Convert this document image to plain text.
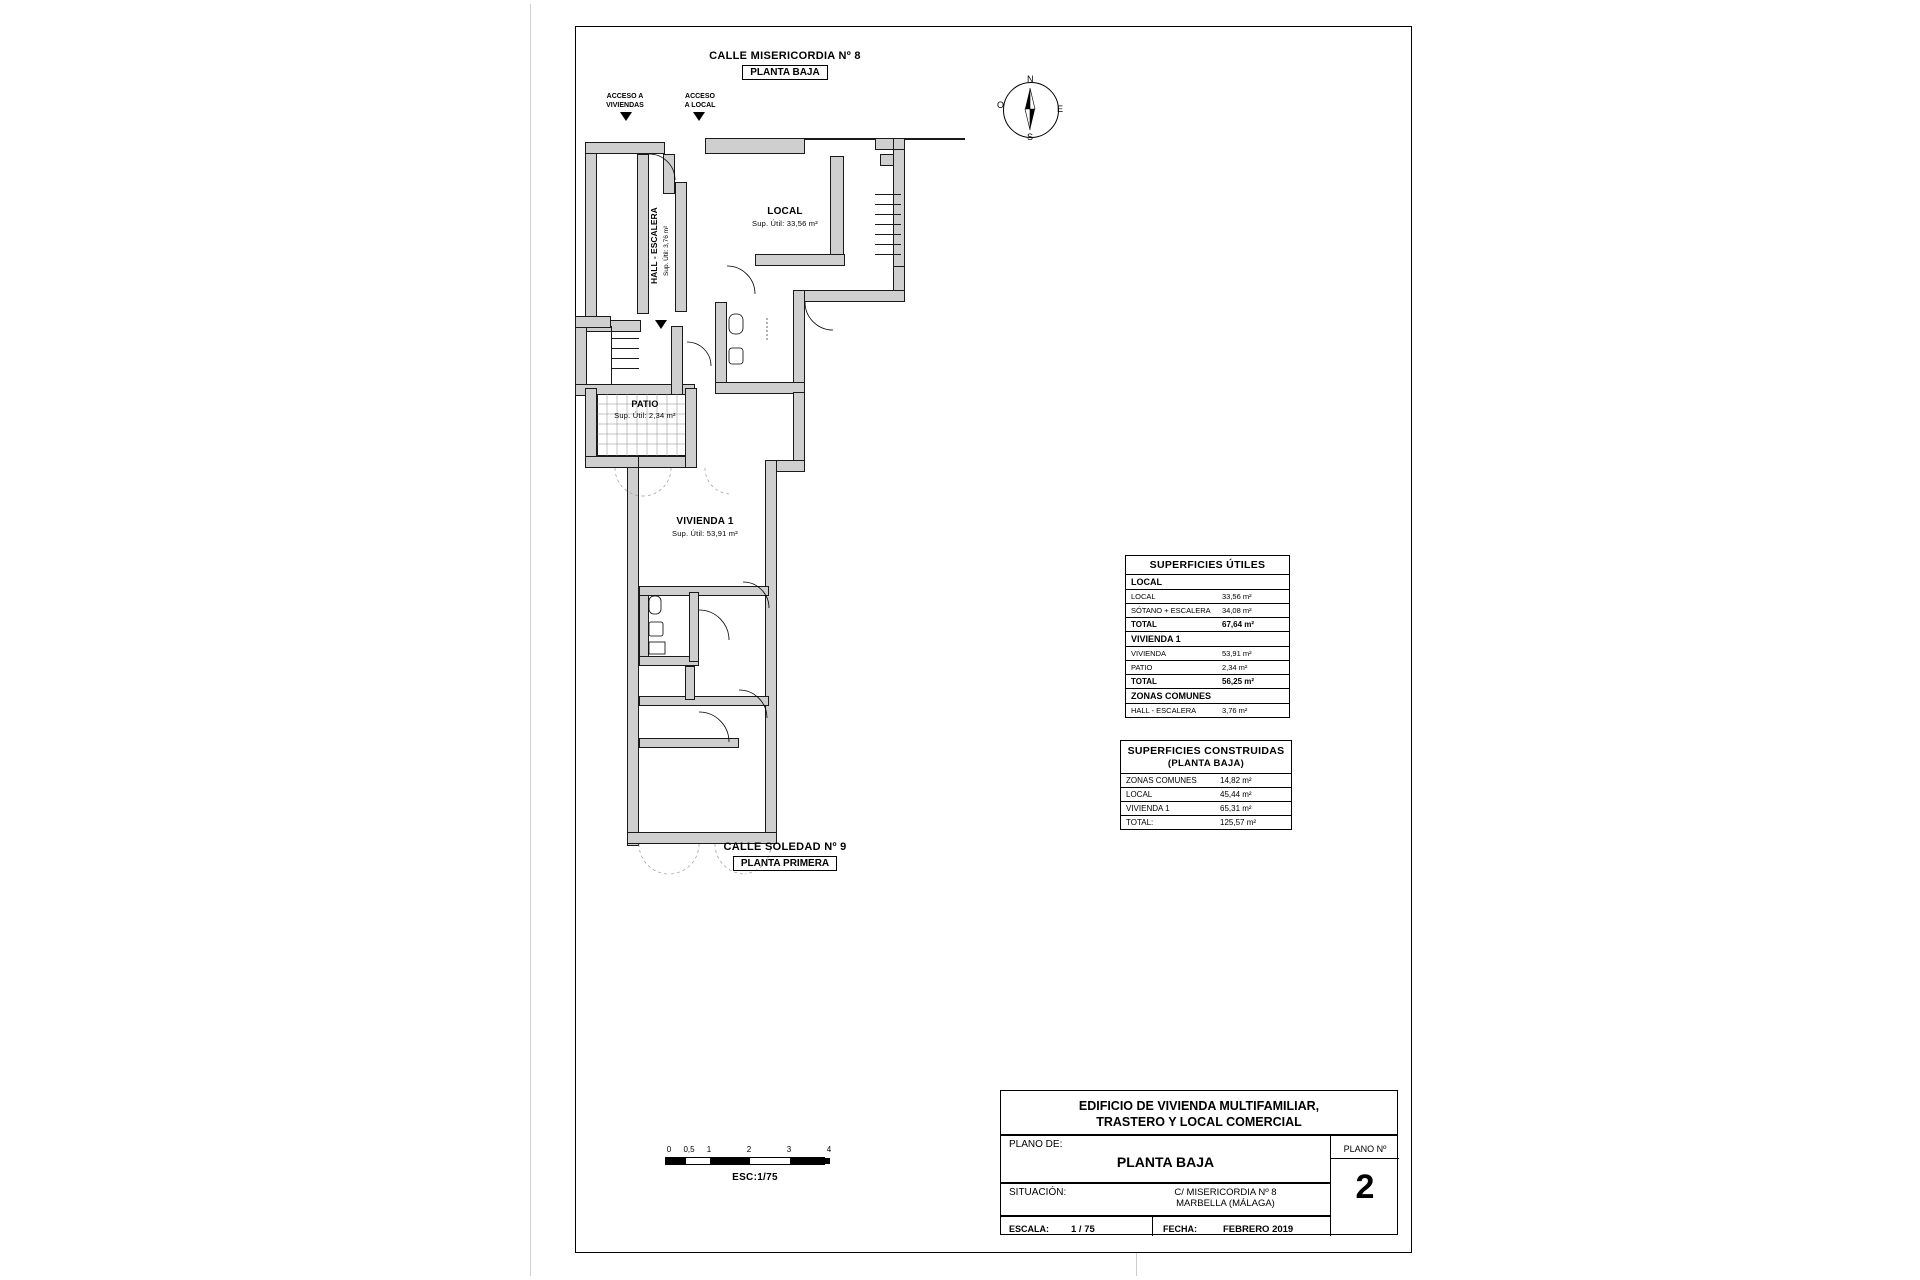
CALLE MISERICORDIA Nº 8
PLANTA BAJA
ACCESO A
VIVIENDAS
ACCESO
A LOCAL
N
S
E
O
HALL - ESCALERA Sup. Útil: 3,76 m²
LOCAL
Sup. Útil: 33,56 m²
PATIO
Sup. Útil: 2,34 m²
VIVIENDA 1
Sup. Útil: 53,91 m²
CALLE SOLEDAD Nº 9
PLANTA PRIMERA
SUPERFICIES ÚTILES
LOCAL
LOCAL	33,56 m²
SÓTANO + ESCALERA	34,08 m²
TOTAL	67,64 m²
VIVIENDA 1
VIVIENDA	53,91 m²
PATIO	2,34 m²
TOTAL	56,25 m²
ZONAS COMUNES
HALL - ESCALERA	3,76 m²
SUPERFICIES CONSTRUIDAS
(PLANTA BAJA)
ZONAS COMUNES	14,82 m²
LOCAL	45,44 m²
VIVIENDA 1	65,31 m²
TOTAL:	125,57 m²
0 0,5 1	2	3	4
ESC:1/75
EDIFICIO DE VIVIENDA MULTIFAMILIAR,
TRASTERO Y LOCAL COMERCIAL
PLANO DE:
PLANTA BAJA
SITUACIÓN:	C/ MISERICORDIA Nº 8
MARBELLA (MÁLAGA)
ESCALA:	1 / 75	FECHA:	FEBRERO 2019
PLANO Nº
2
